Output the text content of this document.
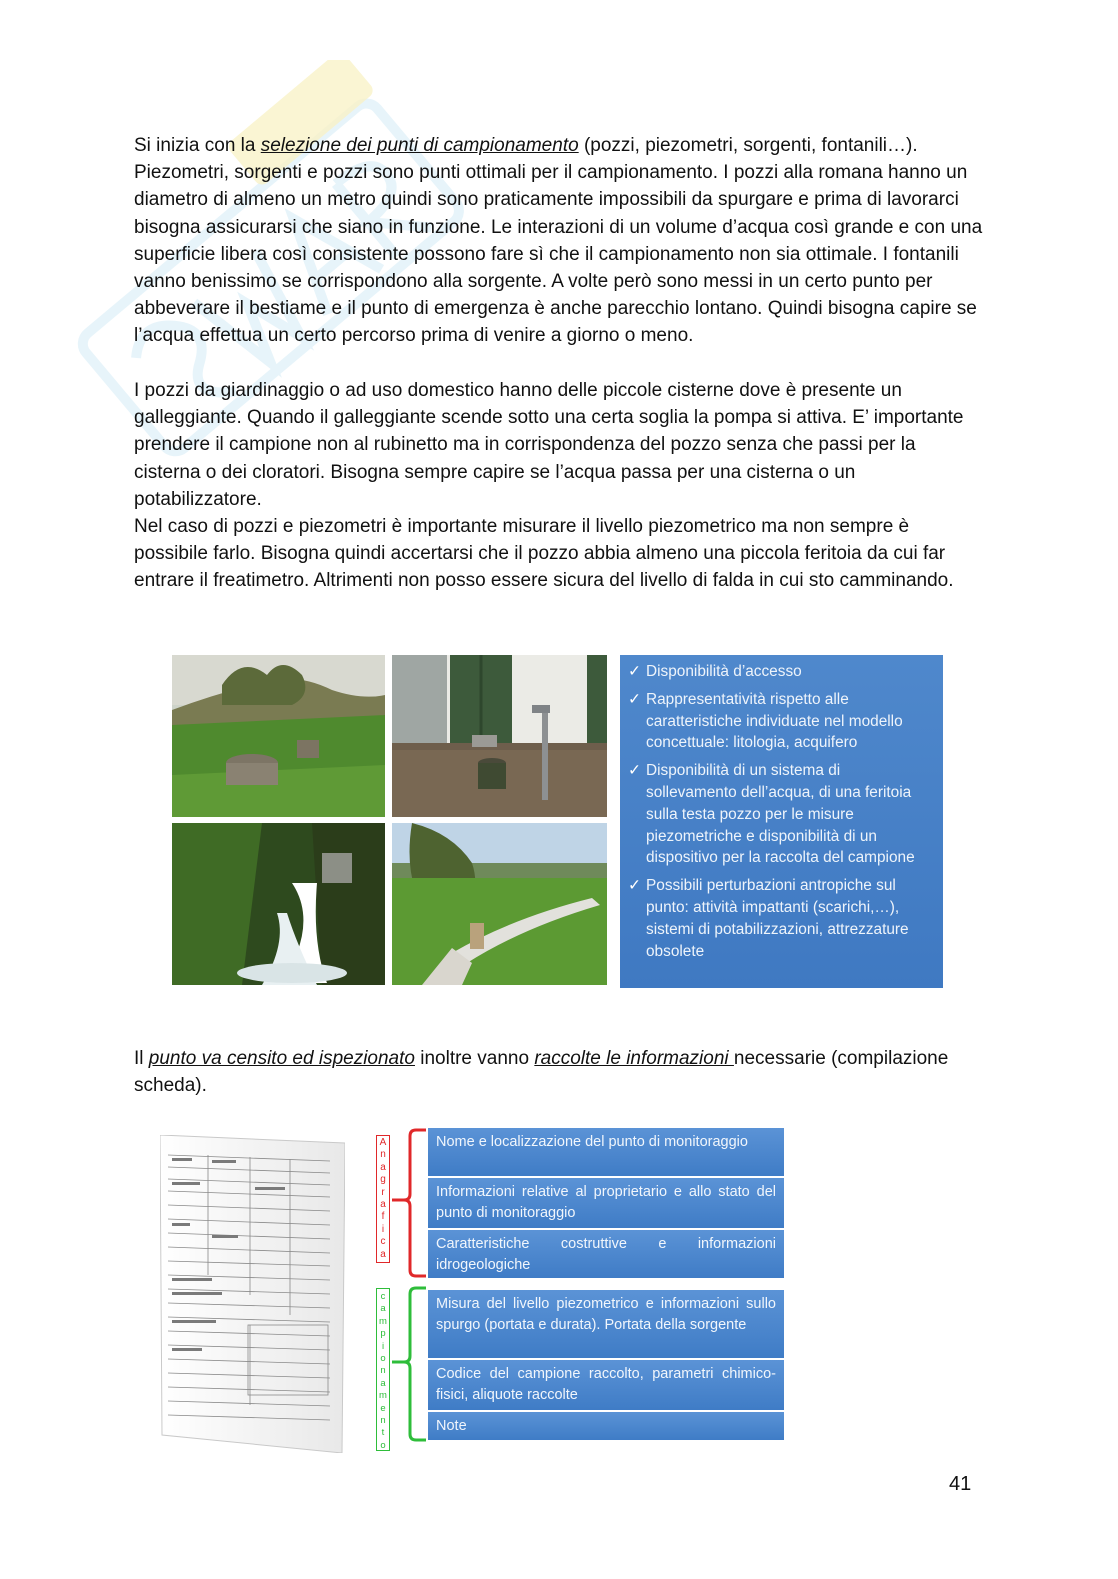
Si inizia con la selezione dei punti di campionamento (pozzi, piezometri, sorgenti, fontanili…). Piezometri, sorgenti e pozzi sono punti ottimali per il campionamento. I pozzi alla romana hanno un diametro di almeno un metro quindi sono praticamente impossibili da spurgare e prima di lavorarci bisogna assicurarsi che siano in funzione. Le interazioni di un volume d’acqua così grande e con una superficie libera così consistente possono fare sì che il campionamento non sia ottimale. I fontanili vanno benissimo se corrispondono alla sorgente. A volte però sono messi in un certo punto per abbeverare il bestiame e il punto di emergenza è anche parecchio lontano. Quindi bisogna capire se l’acqua effettua un certo percorso prima di venire a giorno o meno.

I pozzi da giardinaggio o ad uso domestico hanno delle piccole cisterne dove è presente un galleggiante. Quando il galleggiante scende sotto una certa soglia la pompa si attiva. E’ importante prendere il campione non al rubinetto ma in corrispondenza del pozzo senza che passi per la cisterna o dei cloratori. Bisogna sempre capire se l’acqua passa per una cisterna o un potabilizzatore.

Nel caso di pozzi e piezometri è importante misurare il livello piezometrico ma non sempre è possibile farlo. Bisogna quindi accertarsi che il pozzo abbia almeno una piccola feritoia da cui far entrare il freatimetro. Altrimenti non posso essere sicura del livello di falda in cui sto camminando.

✓ Disponibilità d’accesso
✓ Rappresentatività rispetto alle caratteristiche individuate nel modello concettuale: litologia, acquifero
✓ Disponibilità di un sistema di sollevamento dell’acqua, di una feritoia sulla testa pozzo per le misure piezometriche e disponibilità di un dispositivo per la raccolta del campione
✓ Possibili perturbazioni antropiche sul punto: attività impattanti (scarichi,…), sistemi di potabilizzazioni, attrezzature obsolete

Il punto va censito ed ispezionato inoltre vanno raccolte le informazioni necessarie (compilazione scheda).

A
n
a
g
r
a
f
i
c
a
c
a
m
p
i
o
n
a
m
e
n
t
o
Nome e localizzazione del punto di monitoraggio
Informazioni relative al proprietario e allo stato del punto di monitoraggio
Caratteristiche costruttive e informazioni idrogeologiche
Misura del livello piezometrico e informazioni sullo spurgo (portata e durata). Portata della sorgente
Codice del campione raccolto, parametri chimico-fisici, aliquote raccolte
Note

41
